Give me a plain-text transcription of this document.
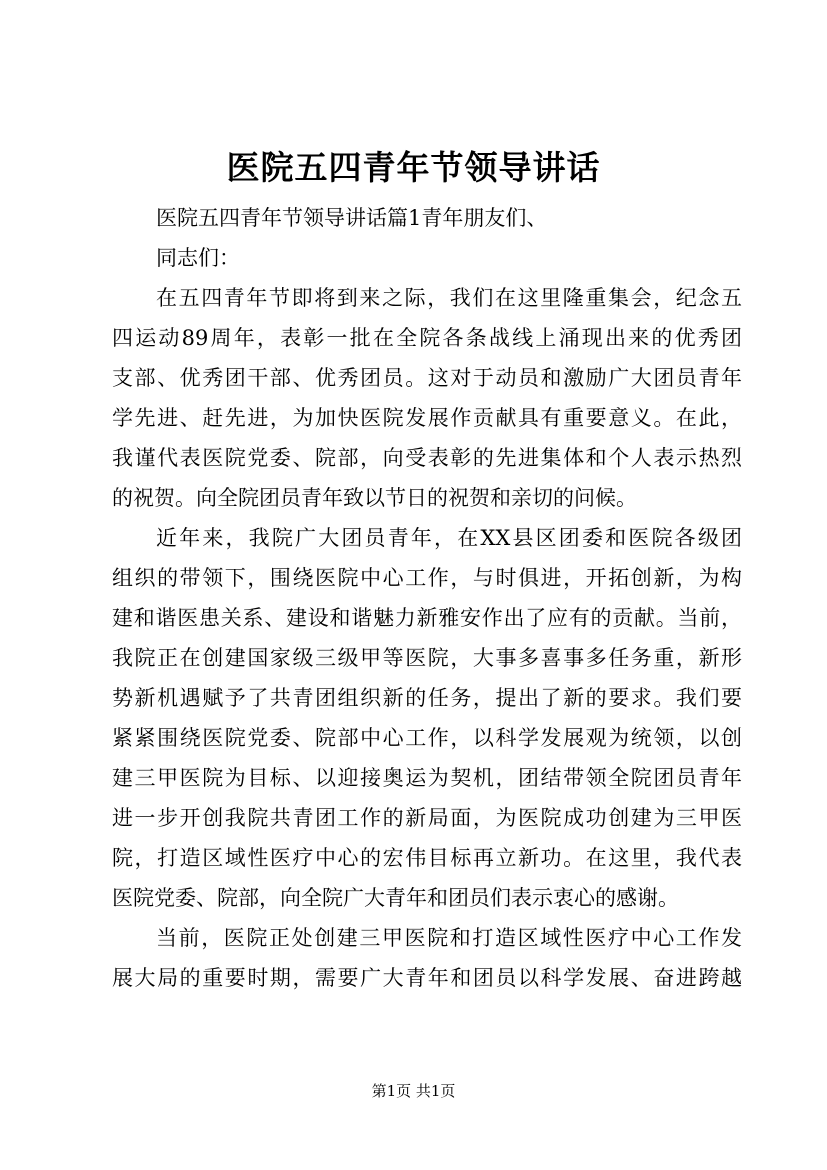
医院五四青年节领导讲话
医院五四青年节领导讲话篇1青年朋友们、
同志们：
在五四青年节即将到来之际，我们在这里隆重集会，纪念五
四运动89周年，表彰一批在全院各条战线上涌现出来的优秀团
支部、优秀团干部、优秀团员。这对于动员和激励广大团员青年
学先进、赶先进，为加快医院发展作贡献具有重要意义。在此，
我谨代表医院党委、院部，向受表彰的先进集体和个人表示热烈
的祝贺。向全院团员青年致以节日的祝贺和亲切的问候。
近年来，我院广大团员青年，在XX县区团委和医院各级团
组织的带领下，围绕医院中心工作，与时俱进，开拓创新，为构
建和谐医患关系、建设和谐魅力新雅安作出了应有的贡献。当前，
我院正在创建国家级三级甲等医院，大事多喜事多任务重，新形
势新机遇赋予了共青团组织新的任务，提出了新的要求。我们要
紧紧围绕医院党委、院部中心工作，以科学发展观为统领，以创
建三甲医院为目标、以迎接奥运为契机，团结带领全院团员青年
进一步开创我院共青团工作的新局面，为医院成功创建为三甲医
院，打造区域性医疗中心的宏伟目标再立新功。在这里，我代表
医院党委、院部，向全院广大青年和团员们表示衷心的感谢。
当前，医院正处创建三甲医院和打造区域性医疗中心工作发
展大局的重要时期，需要广大青年和团员以科学发展、奋进跨越
第1页 共1页
